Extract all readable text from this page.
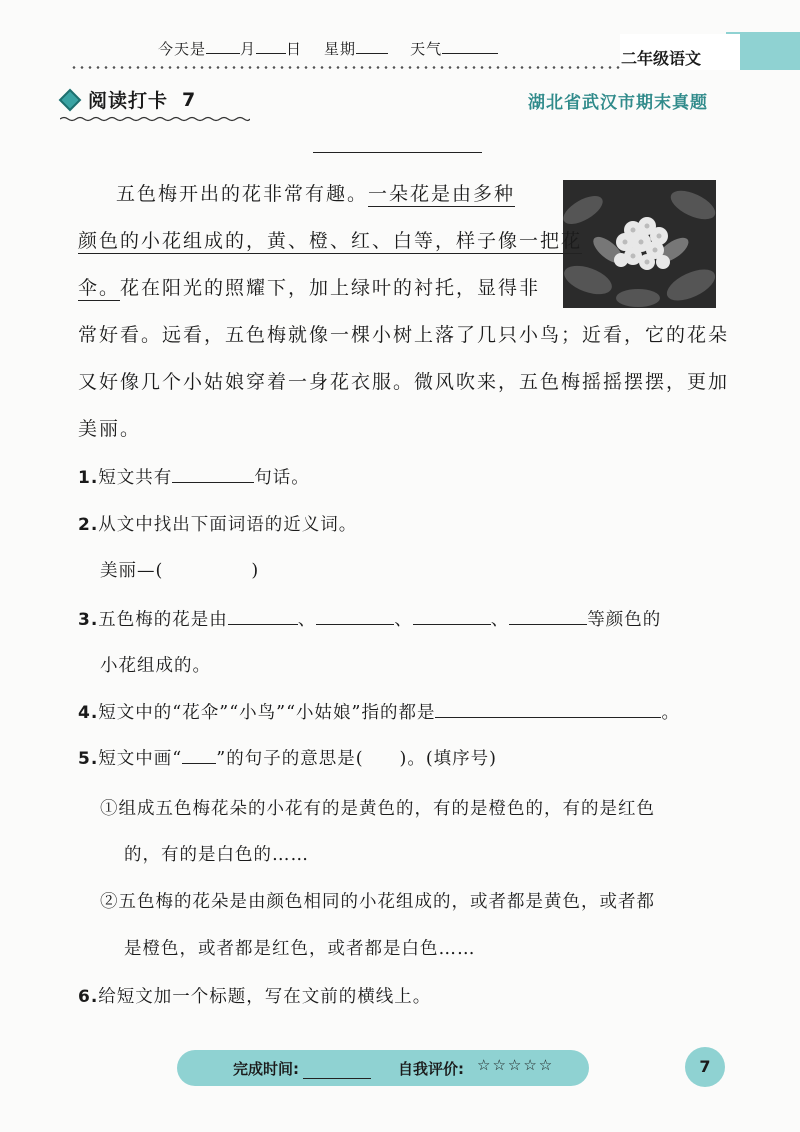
今天是 月 日 星期	天气	二年级语文
阅读打卡 7	湖北省武汉市期末真题
五色梅开出的花非常有趣。一朵花是由多种
颜色的小花组成的，黄、橙、红、白等，样子像一把花
伞。花在阳光的照耀下，加上绿叶的衬托，显得非
常好看。远看，五色梅就像一棵小树上落了几只小鸟；近看，它的花朵
又好像几个小姑娘穿着一身花衣服。微风吹来，五色梅摇摇摆摆，更加
美丽。
1.短文共有	句话。
2.从文中找出下面词语的近义词。
美丽—(	)
3.五色梅的花是由	、	、	、	等颜色的
小花组成的。
4.短文中的“花伞”“小鸟”“小姑娘”指的都是	。
5.短文中画“ ”的句子的意思是( )。(填序号)
①组成五色梅花朵的小花有的是黄色的，有的是橙色的，有的是红色
的，有的是白色的……
②五色梅的花朵是由颜色相同的小花组成的，或者都是黄色，或者都
是橙色，或者都是红色，或者都是白色……
6.给短文加一个标题，写在文前的横线上。
完成时间:	自我评价: ☆☆☆☆☆	7
